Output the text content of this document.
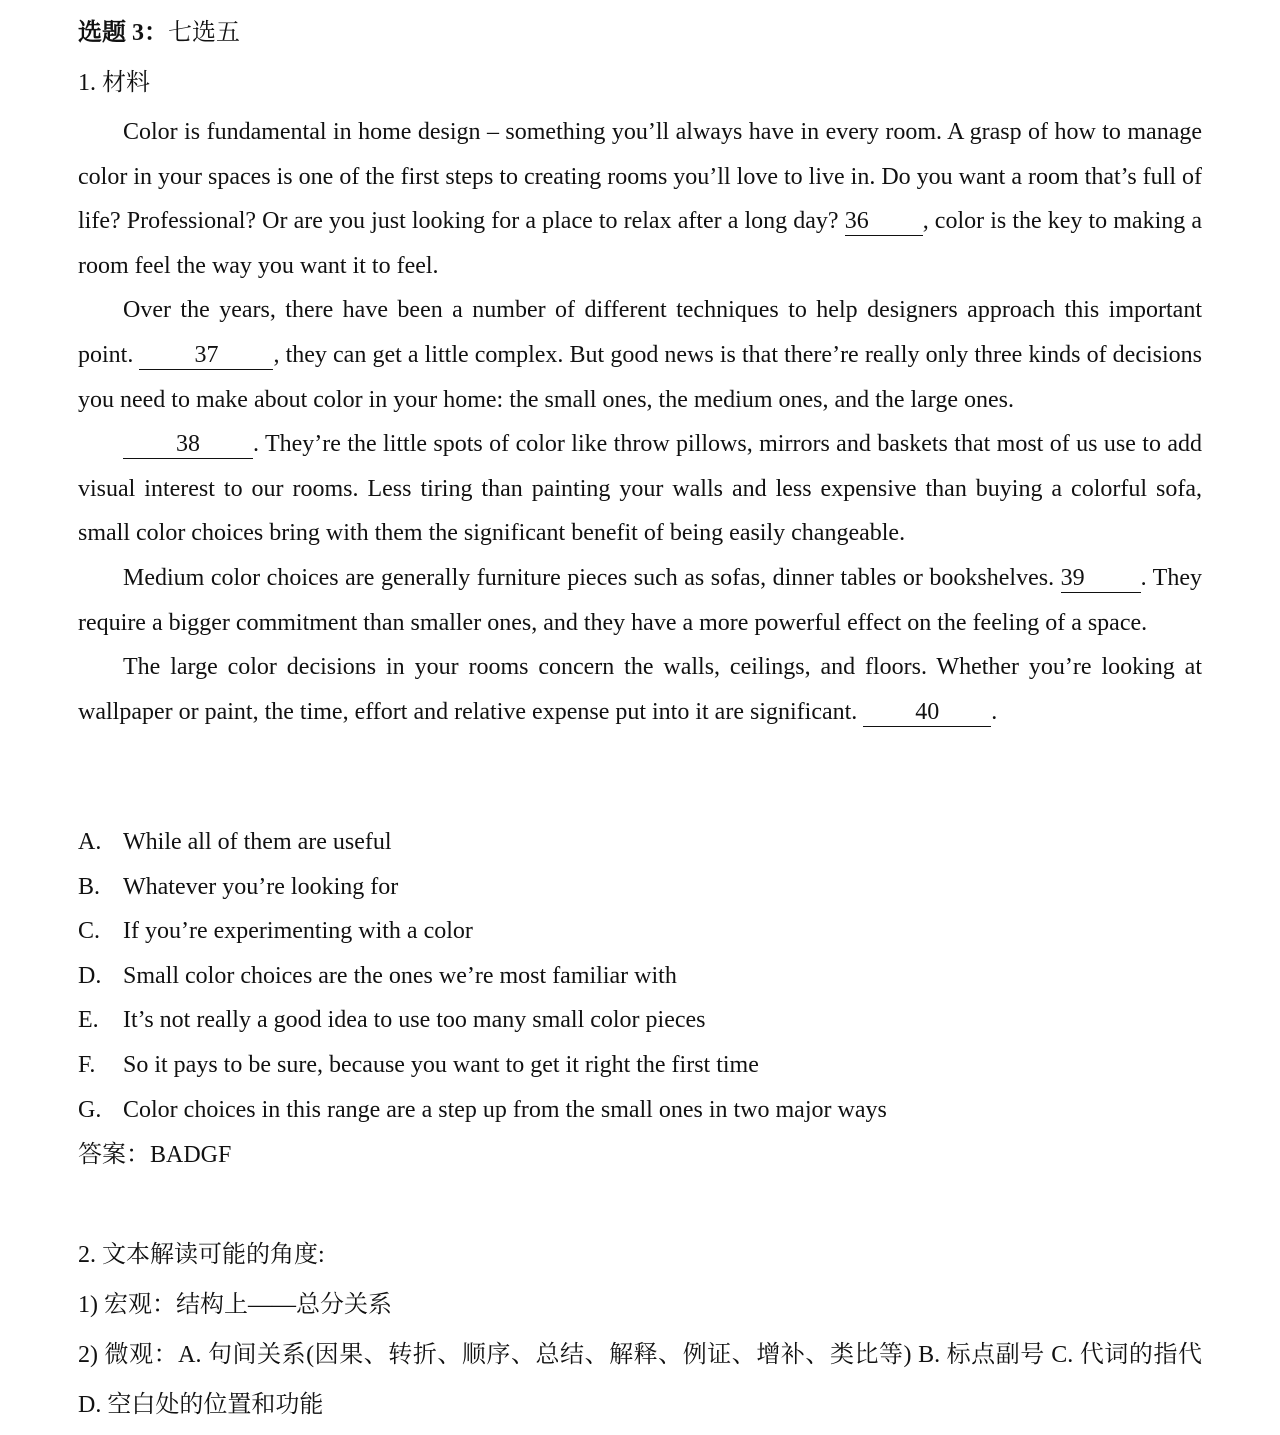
选题 3：七选五
1. 材料

Color is fundamental in home design – something you’ll always have in every room. A grasp of how to manage color in your spaces is one of the first steps to creating rooms you’ll love to live in. Do you want a room that’s full of life? Professional? Or are you just looking for a place to relax after a long day? 36 , color is the key to making a room feel the way you want it to feel.

Over the years, there have been a number of different techniques to help designers approach this important point. 37 , they can get a little complex. But good news is that there’re really only three kinds of decisions you need to make about color in your home: the small ones, the medium ones, and the large ones.

38 . They’re the little spots of color like throw pillows, mirrors and baskets that most of us use to add visual interest to our rooms. Less tiring than painting your walls and less expensive than buying a colorful sofa, small color choices bring with them the significant benefit of being easily changeable.

Medium color choices are generally furniture pieces such as sofas, dinner tables or bookshelves. 39 . They require a bigger commitment than smaller ones, and they have a more powerful effect on the feeling of a space.

The large color decisions in your rooms concern the walls, ceilings, and floors. Whether you’re looking at wallpaper or paint, the time, effort and relative expense put into it are significant. 40 .

A. While all of them are useful
B. Whatever you’re looking for
C. If you’re experimenting with a color
D. Small color choices are the ones we’re most familiar with
E.	It’s not really a good idea to use too many small color pieces
F.	So it pays to be sure, because you want to get it right the first time
G. Color choices in this range are a step up from the small ones in two major ways
答案：BADGF
2. 文本解读可能的角度:
1) 宏观：结构上——总分关系
2) 微观：A. 句间关系(因果、转折、顺序、总结、解释、例证、增补、类比等) B. 标点副号 C. 代词的指代 D. 空白处的位置和功能
